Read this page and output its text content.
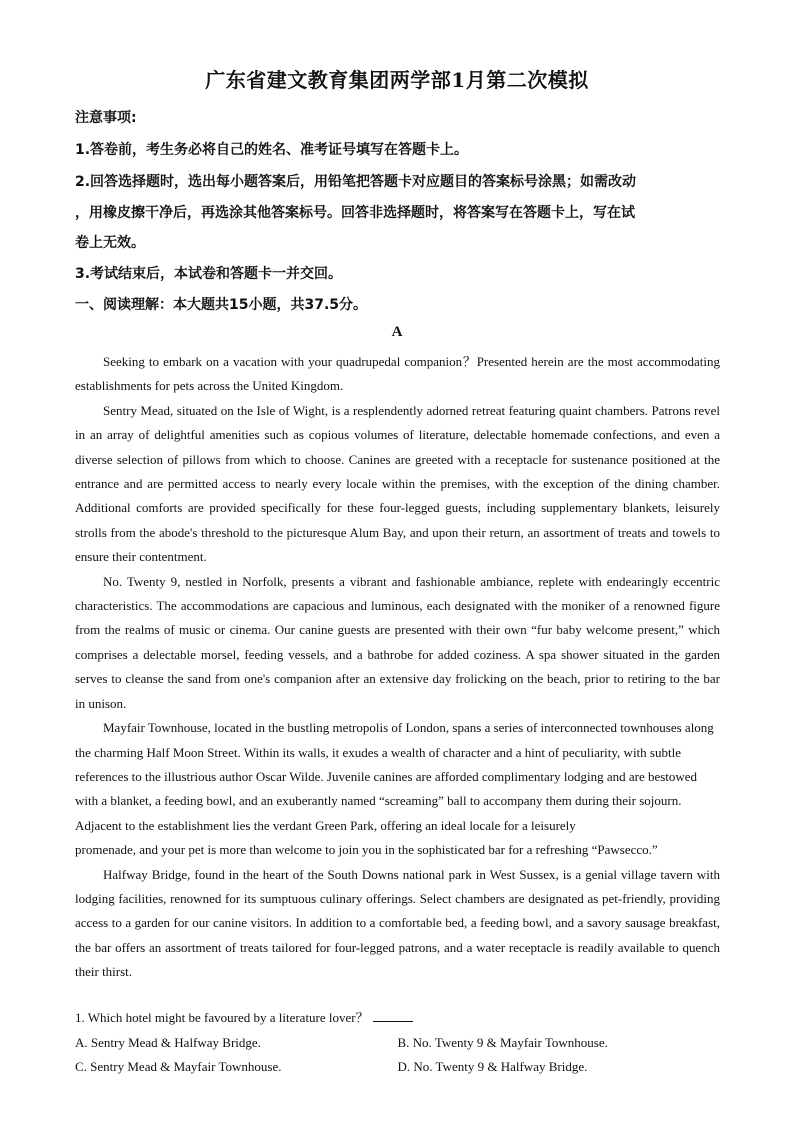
广东省建文教育集团两学部1月第二次模拟
注意事项:
1.答卷前，考生务必将自己的姓名、准考证号填写在答题卡上。
2.回答选择题时，选出每小题答案后，用铅笔把答题卡对应题目的答案标号涂黑；如需改动
，用橡皮擦干净后，再选涂其他答案标号。回答非选择题时，将答案写在答题卡上，写在试
卷上无效。
3.考试结束后，本试卷和答题卡一并交回。
一、阅读理解：本大题共15小题，共37.5分。
A

Seeking to embark on a vacation with your quadrupedal companion？Presented herein are the most accommodating establishments for pets across the United Kingdom.

Sentry Mead, situated on the Isle of Wight, is a resplendently adorned retreat featuring quaint chambers. Patrons revel in an array of delightful amenities such as copious volumes of literature, delectable homemade confections, and even a diverse selection of pillows from which to choose. Canines are greeted with a receptacle for sustenance positioned at the entrance and are permitted access to nearly every locale within the premises, with the exception of the dining chamber. Additional comforts are provided specifically for these four-legged guests, including supplementary blankets, leisurely strolls from the abode's threshold to the picturesque Alum Bay, and upon their return, an assortment of treats and towels to ensure their contentment.

No. Twenty 9, nestled in Norfolk, presents a vibrant and fashionable ambiance, replete with endearingly eccentric characteristics. The accommodations are capacious and luminous, each designated with the moniker of a renowned figure from the realms of music or cinema. Our canine guests are presented with their own “fur baby welcome present,” which comprises a delectable morsel, feeding vessels, and a bathrobe for added coziness. A spa shower situated in the garden serves to cleanse the sand from one's companion after an extensive day frolicking on the beach, prior to retiring to the bar in unison.

Mayfair Townhouse, located in the bustling metropolis of London, spans a series of interconnected townhouses along the charming Half Moon Street. Within its walls, it exudes a wealth of character and a hint of peculiarity, with subtle references to the illustrious author Oscar Wilde. Juvenile canines are afforded complimentary lodging and are bestowed with a blanket, a feeding bowl, and an exuberantly named “screaming” ball to accompany them during their sojourn. Adjacent to the establishment lies the verdant Green Park, offering an ideal locale for a leisurely

promenade, and your pet is more than welcome to join you in the sophisticated bar for a refreshing “Pawsecco.”

Halfway Bridge, found in the heart of the South Downs national park in West Sussex, is a genial village tavern with lodging facilities, renowned for its sumptuous culinary offerings. Select chambers are designated as pet-friendly, providing access to a garden for our canine visitors. In addition to a comfortable bed, a feeding bowl, and a savory sausage breakfast, the bar offers an assortment of treats tailored for four-legged patrons, and a water receptacle is readily available to quench their thirst.

1. Which hotel might be favoured by a literature lover？
A. Sentry Mead & Halfway Bridge.	B. No. Twenty 9 & Mayfair Townhouse.
C. Sentry Mead & Mayfair Townhouse.	D. No. Twenty 9 & Halfway Bridge.
